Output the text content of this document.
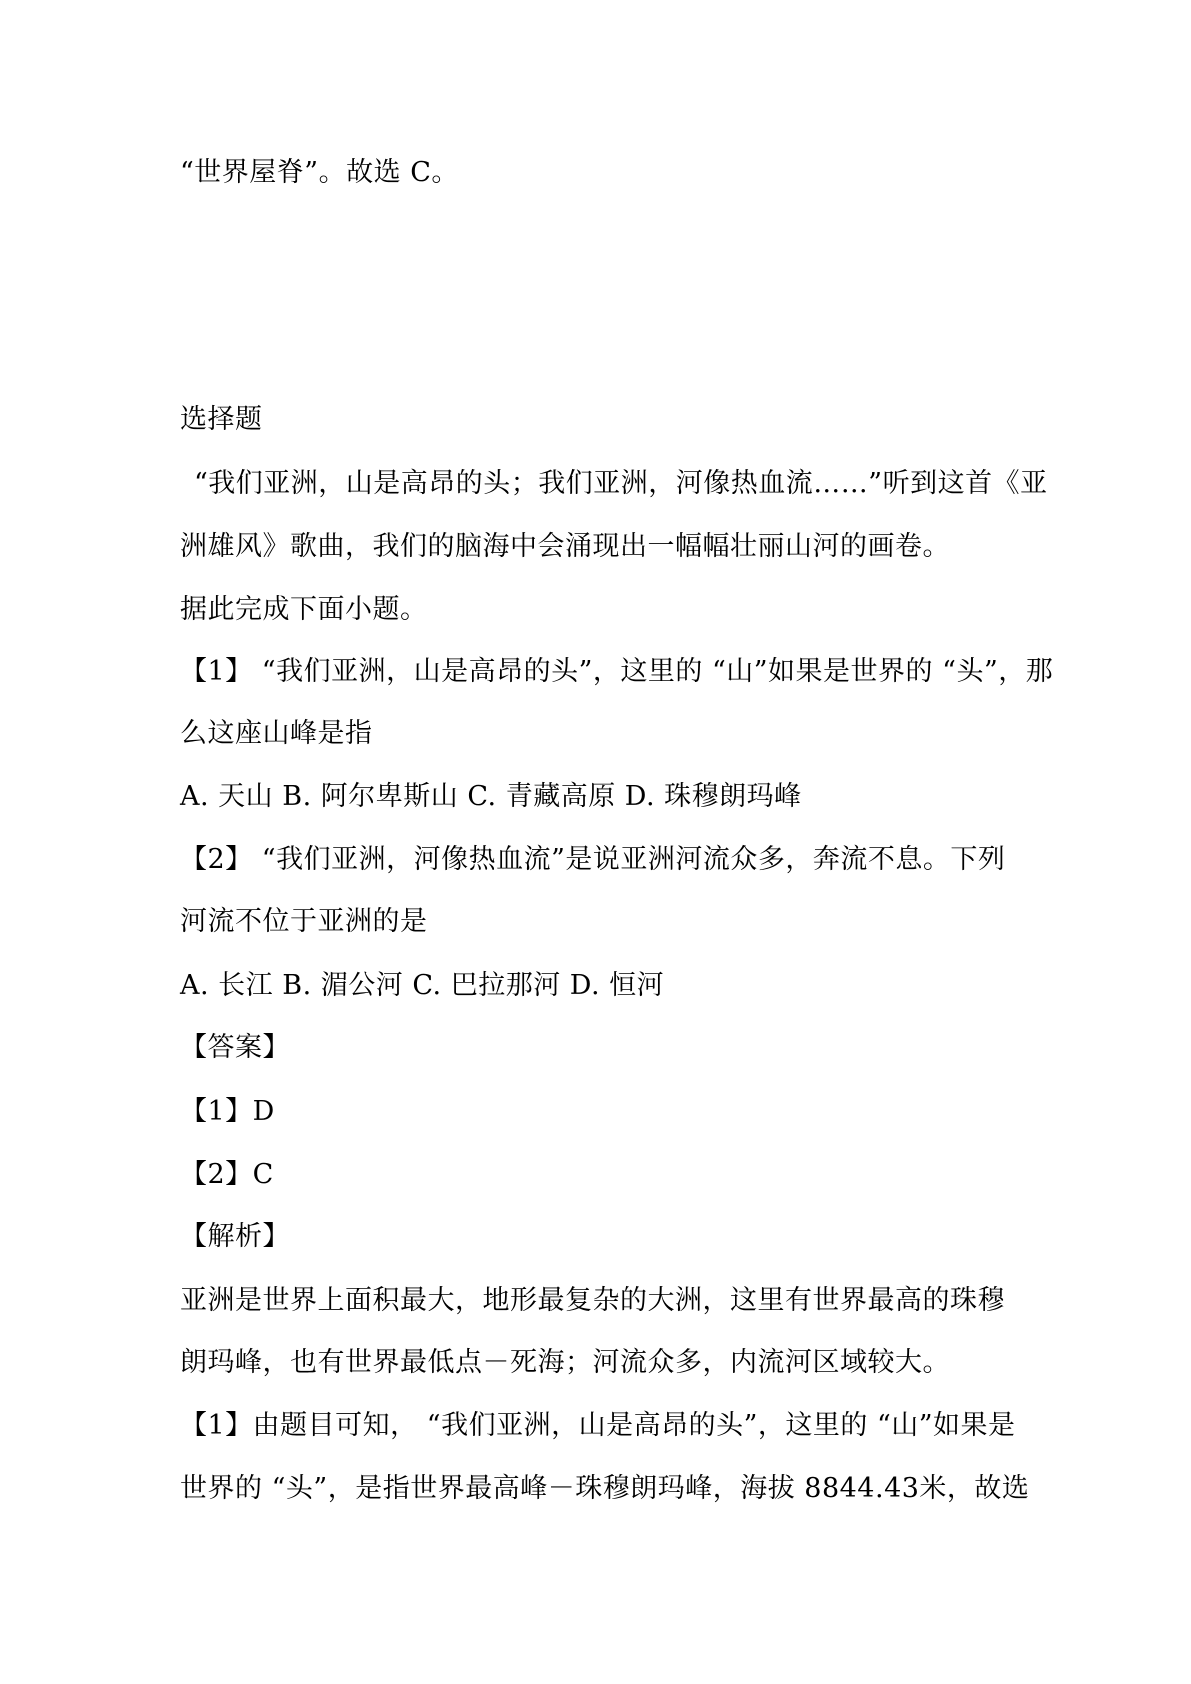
“世界屋脊”。故选 C。
选择题
“我们亚洲，山是高昂的头；我们亚洲，河像热血流……”听到这首《亚
洲雄风》歌曲，我们的脑海中会涌现出一幅幅壮丽山河的画卷。
据此完成下面小题。
【1】 “我们亚洲，山是高昂的头”，这里的 “山”如果是世界的 “头”，那
么这座山峰是指
A. 天山 B. 阿尔卑斯山 C. 青藏高原 D. 珠穆朗玛峰
【2】 “我们亚洲，河像热血流”是说亚洲河流众多，奔流不息。下列
河流不位于亚洲的是
A. 长江 B. 湄公河 C. 巴拉那河 D. 恒河
【答案】
【1】D
【2】C
【解析】
亚洲是世界上面积最大，地形最复杂的大洲，这里有世界最高的珠穆
朗玛峰，也有世界最低点－死海；河流众多，内流河区域较大。
【1】由题目可知， “我们亚洲，山是高昂的头”，这里的 “山”如果是
世界的 “头”，是指世界最高峰－珠穆朗玛峰，海拔 8844.43米，故选
